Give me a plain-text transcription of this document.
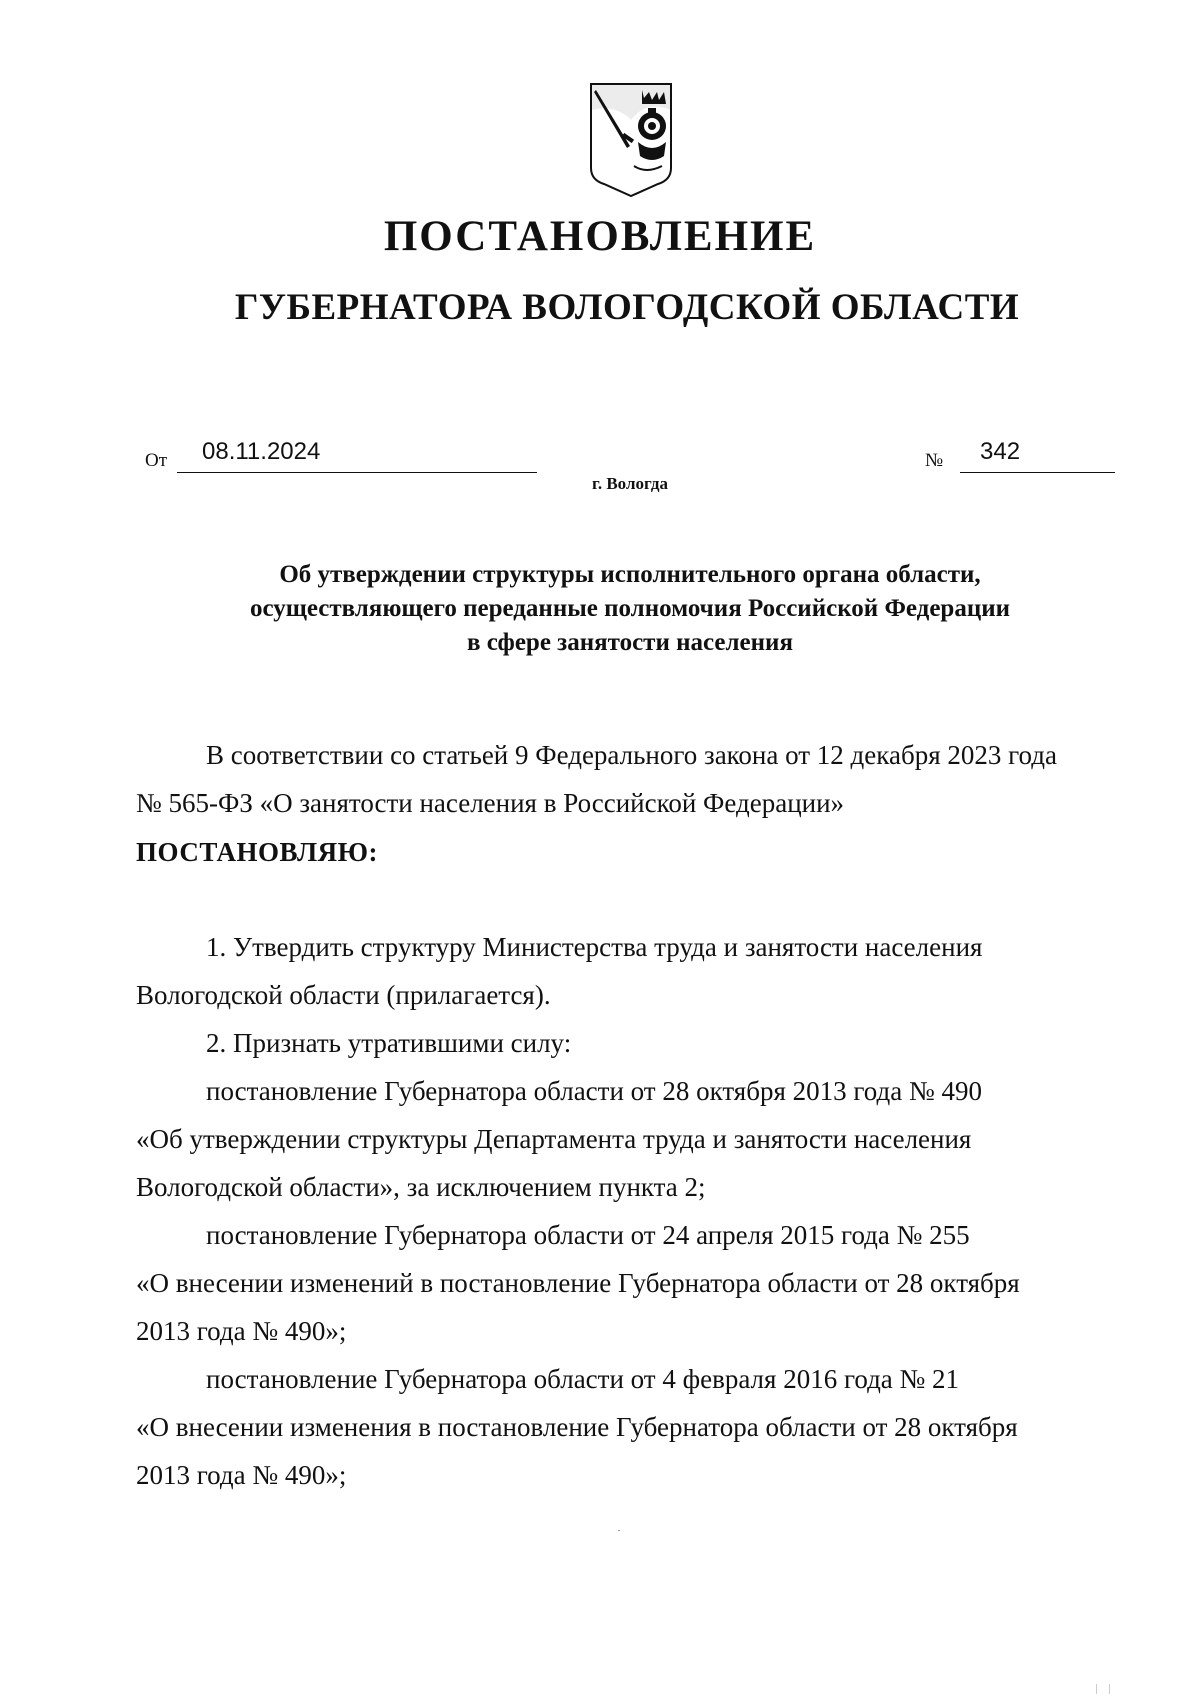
ПОСТАНОВЛЕНИЕ
ГУБЕРНАТОРА ВОЛОГОДСКОЙ ОБЛАСТИ
От 08.11.2024	№ 342
г. Вологда
Об утверждении структуры исполнительного органа области,
осуществляющего переданные полномочия Российской Федерации
в сфере занятости населения
В соответствии со статьей 9 Федерального закона от 12 декабря 2023 года
№ 565-ФЗ «О занятости населения в Российской Федерации»
1. Утвердить структуру Министерства труда и занятости населения
Вологодской области (прилагается).
2. Признать утратившими силу:
постановление Губернатора области от 28 октября 2013 года № 490
«Об утверждении структуры Департамента труда и занятости населения
Вологодской области», за исключением пункта 2;
постановление Губернатора области от 24 апреля 2015 года № 255
«О внесении изменений в постановление Губернатора области от 28 октября
2013 года № 490»;
постановление Губернатора области от 4 февраля 2016 года № 21
«О внесении изменения в постановление Губернатора области от 28 октября
2013 года № 490»;
ПОСТАНОВЛЯЮ:
